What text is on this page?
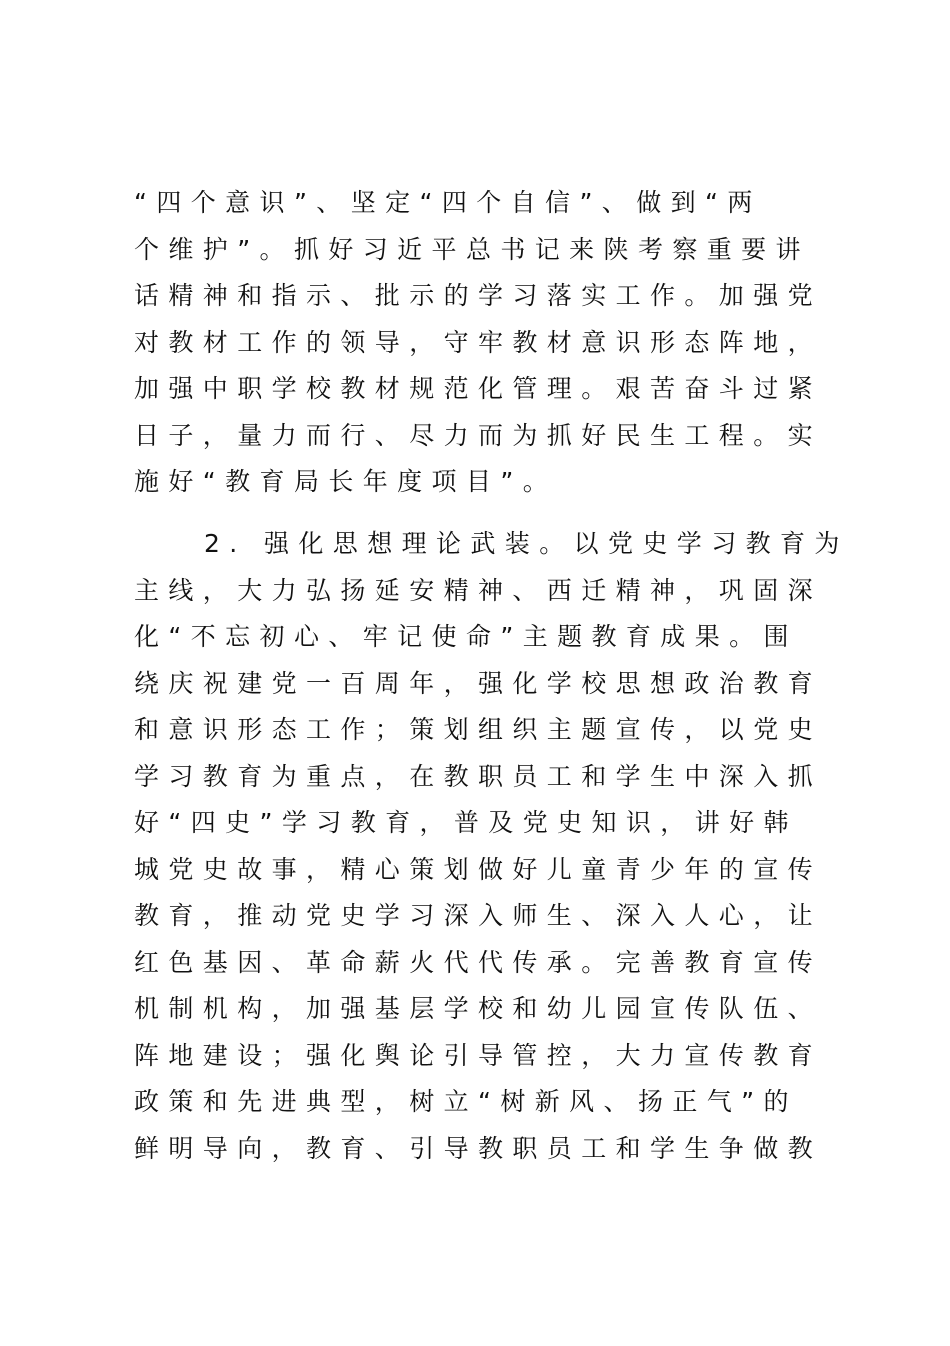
“四个意识”、坚定“四个自信”、做到“两
个维护”。抓好习近平总书记来陕考察重要讲
话精神和指示、批示的学习落实工作。加强党
对教材工作的领导，守牢教材意识形态阵地，
加强中职学校教材规范化管理。艰苦奋斗过紧
日子，量力而行、尽力而为抓好民生工程。实
施好“教育局长年度项目”。
2. 强化思想理论武装。以党史学习教育为
主线，大力弘扬延安精神、西迁精神，巩固深
化“不忘初心、牢记使命”主题教育成果。围
绕庆祝建党一百周年，强化学校思想政治教育
和意识形态工作；策划组织主题宣传，以党史
学习教育为重点，在教职员工和学生中深入抓
好“四史”学习教育，普及党史知识，讲好韩
城党史故事，精心策划做好儿童青少年的宣传
教育，推动党史学习深入师生、深入人心，让
红色基因、革命薪火代代传承。完善教育宣传
机制机构，加强基层学校和幼儿园宣传队伍、
阵地建设；强化舆论引导管控，大力宣传教育
政策和先进典型，树立“树新风、扬正气”的
鲜明导向，教育、引导教职员工和学生争做教
